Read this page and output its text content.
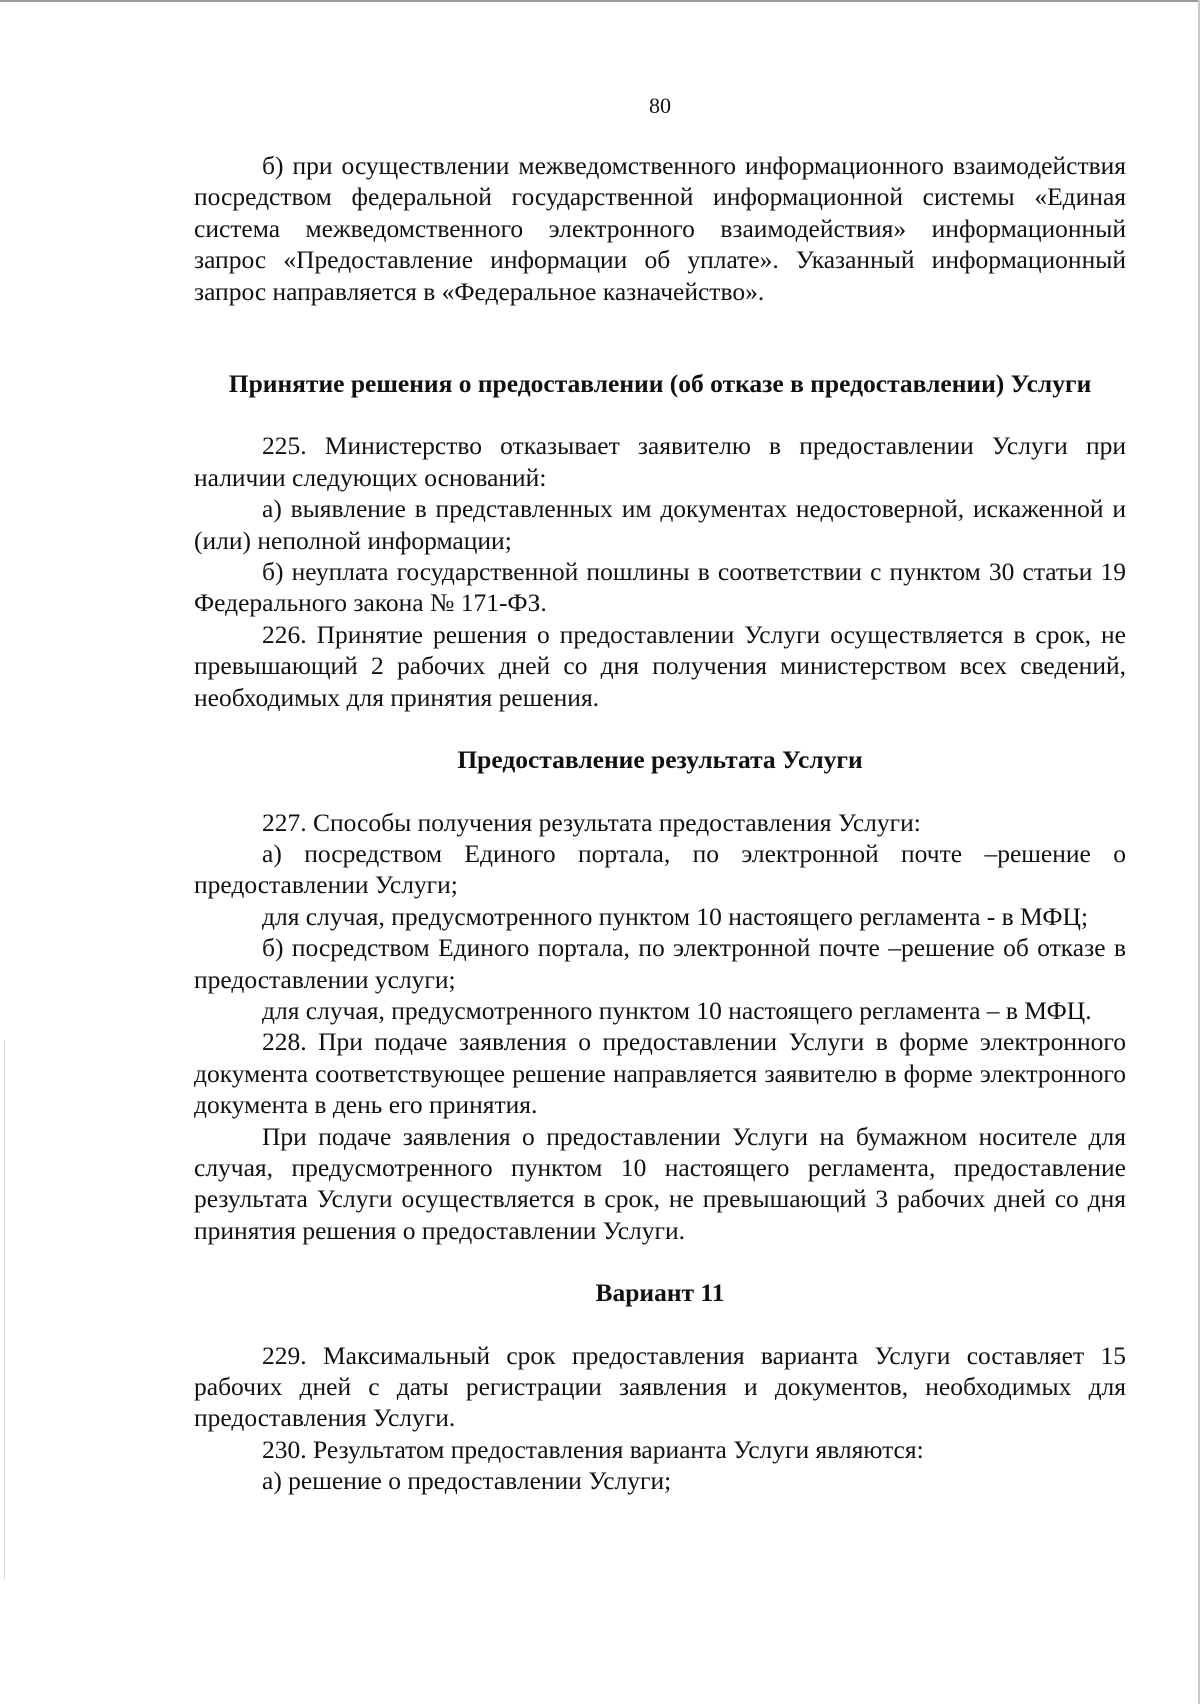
80

б) при осуществлении межведомственного информационного взаимодействия посредством федеральной государственной информационной системы «Единая система межведомственного электронного взаимодействия» информационный запрос «Предоставление информации об уплате». Указанный информационный запрос направляется в «Федеральное казначейство».

Принятие решения о предоставлении (об отказе в предоставлении) Услуги

225. Министерство отказывает заявителю в предоставлении Услуги при наличии следующих оснований:

а) выявление в представленных им документах недостоверной, искаженной и (или) неполной информации;

б) неуплата государственной пошлины в соответствии с пунктом 30 статьи 19 Федерального закона № 171-ФЗ.

226. Принятие решения о предоставлении Услуги осуществляется в срок, не превышающий 2 рабочих дней со дня получения министерством всех сведений, необходимых для принятия решения.

Предоставление результата Услуги

227. Способы получения результата предоставления Услуги:

а) посредством Единого портала, по электронной почте –решение о предоставлении Услуги;

для случая, предусмотренного пунктом 10 настоящего регламента - в МФЦ;

б) посредством Единого портала, по электронной почте –решение об отказе в предоставлении услуги;

для случая, предусмотренного пунктом 10 настоящего регламента – в МФЦ.

228. При подаче заявления о предоставлении Услуги в форме электронного документа соответствующее решение направляется заявителю в форме электронного документа в день его принятия.

При подаче заявления о предоставлении Услуги на бумажном носителе для случая, предусмотренного пунктом 10 настоящего регламента, предоставление результата Услуги осуществляется в срок, не превышающий 3 рабочих дней со дня принятия решения о предоставлении Услуги.

Вариант 11

229. Максимальный срок предоставления варианта Услуги составляет 15 рабочих дней с даты регистрации заявления и документов, необходимых для предоставления Услуги.

230. Результатом предоставления варианта Услуги являются:

а) решение о предоставлении Услуги;
